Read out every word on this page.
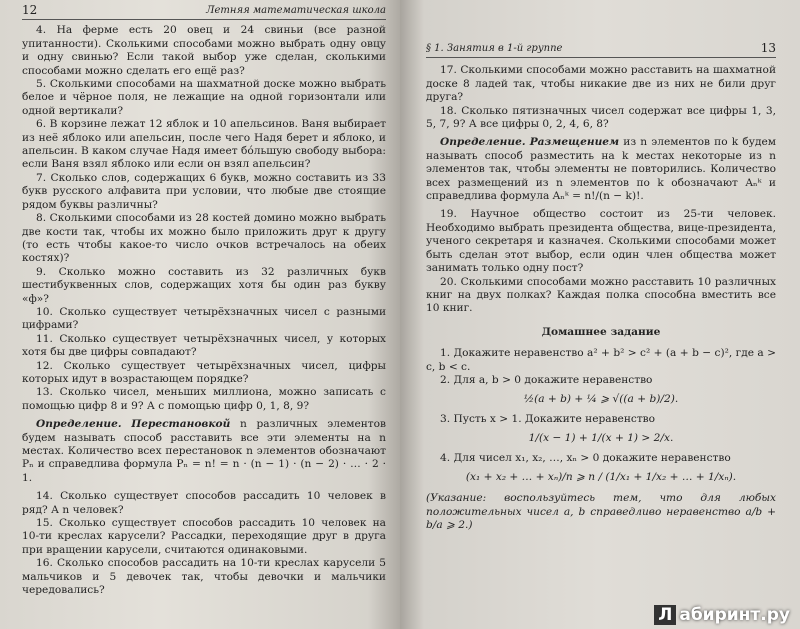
12	Летняя математическая школа

4. На ферме есть 20 овец и 24 свиньи (все разной упитанности). Сколькими способами можно выбрать одну овцу и одну свинью? Если такой выбор уже сделан, сколькими способами можно сделать его ещё раз?

5. Сколькими способами на шахматной доске можно выбрать белое и чёрное поля, не лежащие на одной горизонтали или одной вертикали?

6. В корзине лежат 12 яблок и 10 апельсинов. Ваня выбирает из неё яблоко или апельсин, после чего Надя берет и яблоко, и апельсин. В каком случае Надя имеет бóльшую свободу выбора: если Ваня взял яблоко или если он взял апельсин?

7. Сколько слов, содержащих 6 букв, можно составить из 33 букв русского алфавита при условии, что любые две стоящие рядом буквы различны?

8. Сколькими способами из 28 костей домино можно выбрать две кости так, чтобы их можно было приложить друг к другу (то есть чтобы какое-то число очков встречалось на обеих костях)?

9. Сколько можно составить из 32 различных букв шестибуквенных слов, содержащих хотя бы один раз букву «ф»?

10. Сколько существует четырёхзначных чисел с разными цифрами?

11. Сколько существует четырёхзначных чисел, у которых хотя бы две цифры совпадают?

12. Сколько существует четырёхзначных чисел, цифры которых идут в возрастающем порядке?

13. Сколько чисел, меньших миллиона, можно записать с помощью цифр 8 и 9? А с помощью цифр 0, 1, 8, 9?

Определение. Перестановкой n различных элементов будем называть способ расставить все эти элементы на n местах. Количество всех перестановок n элементов обозначают Pₙ и справедлива формула Pₙ = n! = n · (n − 1) · (n − 2) · … · 2 · 1.

14. Сколько существует способов рассадить 10 человек в ряд? А n человек?

15. Сколько существует способов рассадить 10 человек на 10-ти креслах карусели? Рассадки, переходящие друг в друга при вращении карусели, считаются одинаковыми.

16. Сколько способов рассадить на 10-ти креслах карусели 5 мальчиков и 5 девочек так, чтобы девочки и мальчики чередовались?

§ 1. Занятия в 1-й группе	13

17. Сколькими способами можно расставить на шахматной доске 8 ладей так, чтобы никакие две из них не били друг друга?

18. Сколько пятизначных чисел содержат все цифры 1, 3, 5, 7, 9? А все цифры 0, 2, 4, 6, 8?

Определение. Размещением из n элементов по k будем называть способ разместить на k местах некоторые из n элементов так, чтобы элементы не повторились. Количество всех размещений из n элементов по k обозначают Aₙᵏ и справедлива формула Aₙᵏ = n!/(n − k)!.

19. Научное общество состоит из 25-ти человек. Необходимо выбрать президента общества, вице-президента, ученого секретаря и казначея. Сколькими способами может быть сделан этот выбор, если один член общества может занимать только одну пост?

20. Сколькими способами можно расставить 10 различных книг на двух полках? Каждая полка способна вместить все 10 книг.

Домашнее задание

1. Докажите неравенство a² + b² > c² + (a + b − c)², где a > c, b < c.

2. Для a, b > 0 докажите неравенство

½(a + b) + ¼ ⩾ √((a + b)/2).

3. Пусть x > 1. Докажите неравенство

1/(x − 1) + 1/(x + 1) > 2/x.

4. Для чисел x₁, x₂, …, xₙ > 0 докажите неравенство

(x₁ + x₂ + … + xₙ)/n ⩾ n / (1/x₁ + 1/x₂ + … + 1/xₙ).

(Указание: воспользуйтесь тем, что для любых положительных чисел a, b справедливо неравенство a/b + b/a ⩾ 2.)

Л абиринт.ру
